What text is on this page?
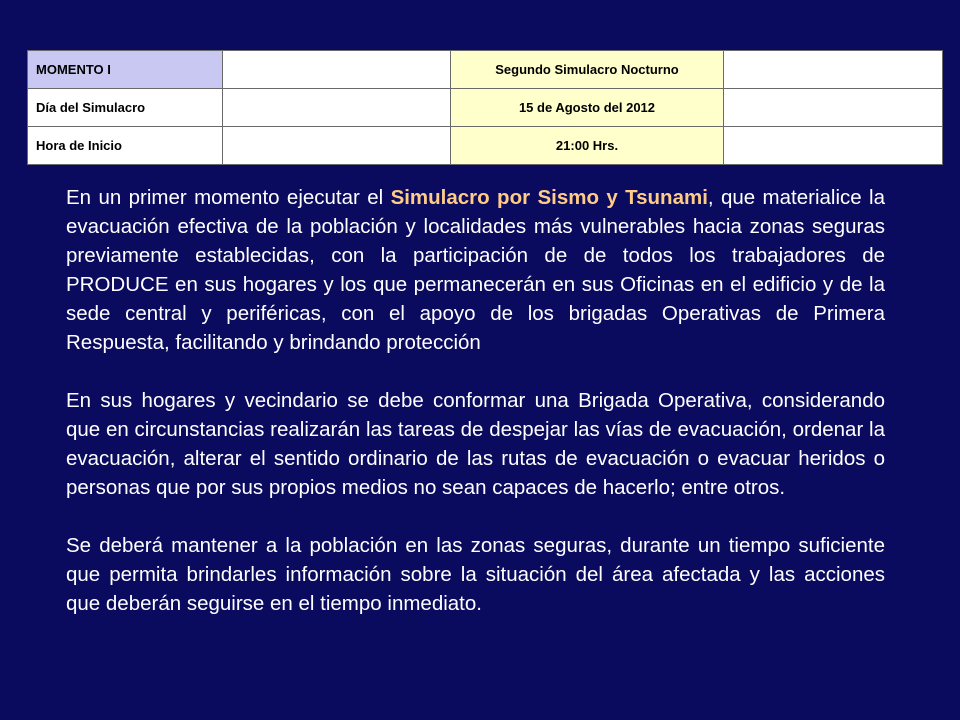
MOMENTO I		Segundo Simulacro Nocturno	
Día del Simulacro		15 de Agosto del 2012	
Hora de Inicio		21:00 Hrs.	

En un primer momento ejecutar el Simulacro por Sismo y Tsunami, que materialice la evacuación efectiva de la población y localidades más vulnerables hacia zonas seguras previamente establecidas, con la participación de de todos los trabajadores de PRODUCE en sus hogares y los que permanecerán en sus Oficinas en el edificio y de la sede central y periféricas, con el apoyo de los brigadas Operativas de Primera Respuesta, facilitando y brindando protección

En sus hogares y vecindario se debe conformar una Brigada Operativa, considerando que en circunstancias realizarán las tareas de despejar las vías de evacuación, ordenar la evacuación, alterar el sentido ordinario de las rutas de evacuación o evacuar heridos o personas que por sus propios medios no sean capaces de hacerlo; entre otros.

Se deberá mantener a la población en las zonas seguras, durante un tiempo suficiente que permita brindarles información sobre la situación del área afectada y las acciones que deberán seguirse en el tiempo inmediato.
